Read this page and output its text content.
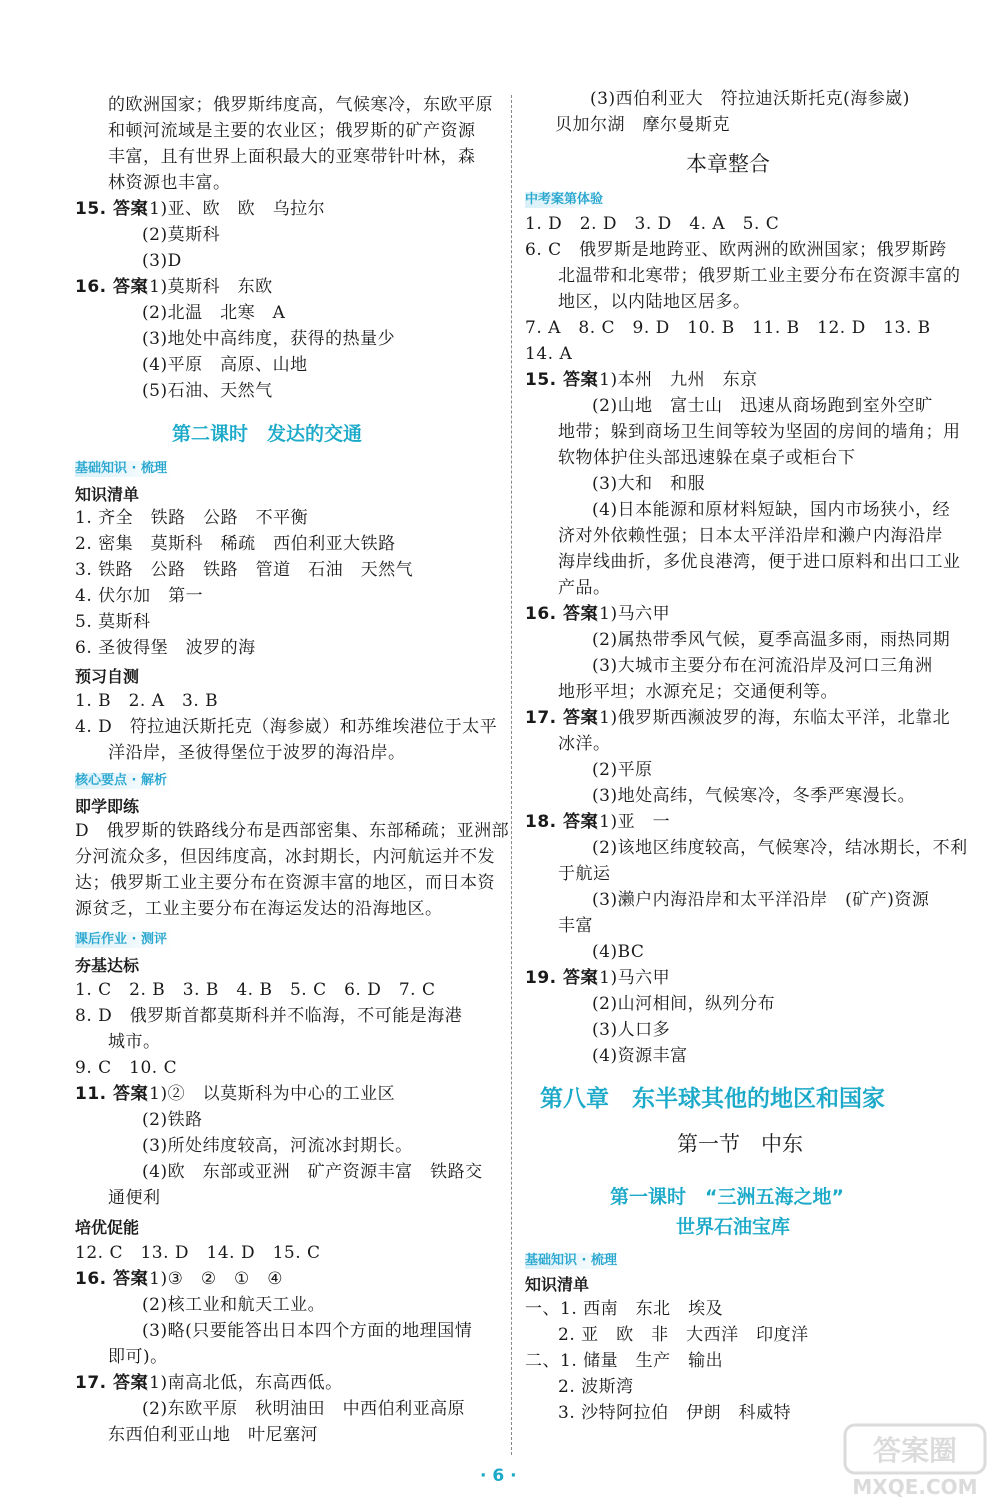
的欧洲国家；俄罗斯纬度高，气候寒冷，东欧平原
和顿河流域是主要的农业区；俄罗斯的矿产资源
丰富，且有世界上面积最大的亚寒带针叶林，森
林资源也丰富。
15. 答案
(1)亚、欧　欧　乌拉尔
(2)莫斯科
(3)D
16. 答案
(1)莫斯科　东欧
(2)北温　北寒　A
(3)地处中高纬度，获得的热量少
(4)平原　高原、山地
(5)石油、天然气
第二课时　发达的交通
基础知识 · 梳理
知识清单
1. 齐全　铁路　公路　不平衡
2. 密集　莫斯科　稀疏　西伯利亚大铁路
3. 铁路　公路　铁路　管道　石油　天然气
4. 伏尔加　第一
5. 莫斯科
6. 圣彼得堡　波罗的海
预习自测
1. B　2. A　3. B
4. D　符拉迪沃斯托克（海参崴）和苏维埃港位于太平
洋沿岸，圣彼得堡位于波罗的海沿岸。
核心要点 · 解析
即学即练
D　俄罗斯的铁路线分布是西部密集、东部稀疏；亚洲部
分河流众多，但因纬度高，冰封期长，内河航运并不发
达；俄罗斯工业主要分布在资源丰富的地区，而日本资
源贫乏，工业主要分布在海运发达的沿海地区。
课后作业 · 测评
夯基达标
1. C　2. B　3. B　4. B　5. C　6. D　7. C
8. D　俄罗斯首都莫斯科并不临海，不可能是海港
城市。
9. C　10. C
11. 答案
(1)②　以莫斯科为中心的工业区
(2)铁路
(3)所处纬度较高，河流冰封期长。
(4)欧　东部或亚洲　矿产资源丰富　铁路交
通便利
培优促能
12. C　13. D　14. D　15. C
16. 答案
(1)③　②　①　④
(2)核工业和航天工业。
(3)略(只要能答出日本四个方面的地理国情
即可)。
17. 答案
(1)南高北低，东高西低。
(2)东欧平原　秋明油田　中西伯利亚高原
东西伯利亚山地　叶尼塞河
(3)西伯利亚大　符拉迪沃斯托克(海参崴)
贝加尔湖　摩尔曼斯克
本章整合
中考案第体验
1. D　2. D　3. D　4. A　5. C
6. C　俄罗斯是地跨亚、欧两洲的欧洲国家；俄罗斯跨
北温带和北寒带；俄罗斯工业主要分布在资源丰富的
地区，以内陆地区居多。
7. A　8. C　9. D　10. B　11. B　12. D　13. B
14. A
15. 答案
(1)本州　九州　东京
(2)山地　富士山　迅速从商场跑到室外空旷
地带；躲到商场卫生间等较为坚固的房间的墙角；用
软物体护住头部迅速躲在桌子或柜台下
(3)大和　和服
(4)日本能源和原材料短缺，国内市场狭小，经
济对外依赖性强；日本太平洋沿岸和濑户内海沿岸
海岸线曲折，多优良港湾，便于进口原料和出口工业
产品。
16. 答案
(1)马六甲
(2)属热带季风气候，夏季高温多雨，雨热同期
(3)大城市主要分布在河流沿岸及河口三角洲
地形平坦；水源充足；交通便利等。
17. 答案
(1)俄罗斯西濒波罗的海，东临太平洋，北靠北
冰洋。
(2)平原
(3)地处高纬，气候寒冷，冬季严寒漫长。
18. 答案
(1)亚　一
(2)该地区纬度较高，气候寒冷，结冰期长，不利
于航运
(3)濑户内海沿岸和太平洋沿岸　(矿产)资源
丰富
(4)BC
19. 答案
(1)马六甲
(2)山河相间，纵列分布
(3)人口多
(4)资源丰富
第八章　东半球其他的地区和国家
第一节　中东
第一课时　“三洲五海之地”
世界石油宝库
基础知识 · 梳理
知识清单
一、1. 西南　东北　埃及
2. 亚　欧　非　大西洋　印度洋
二、1. 储量　生产　输出
2. 波斯湾
3. 沙特阿拉伯　伊朗　科威特
· 6 ·
答案圈
MXQE.COM
